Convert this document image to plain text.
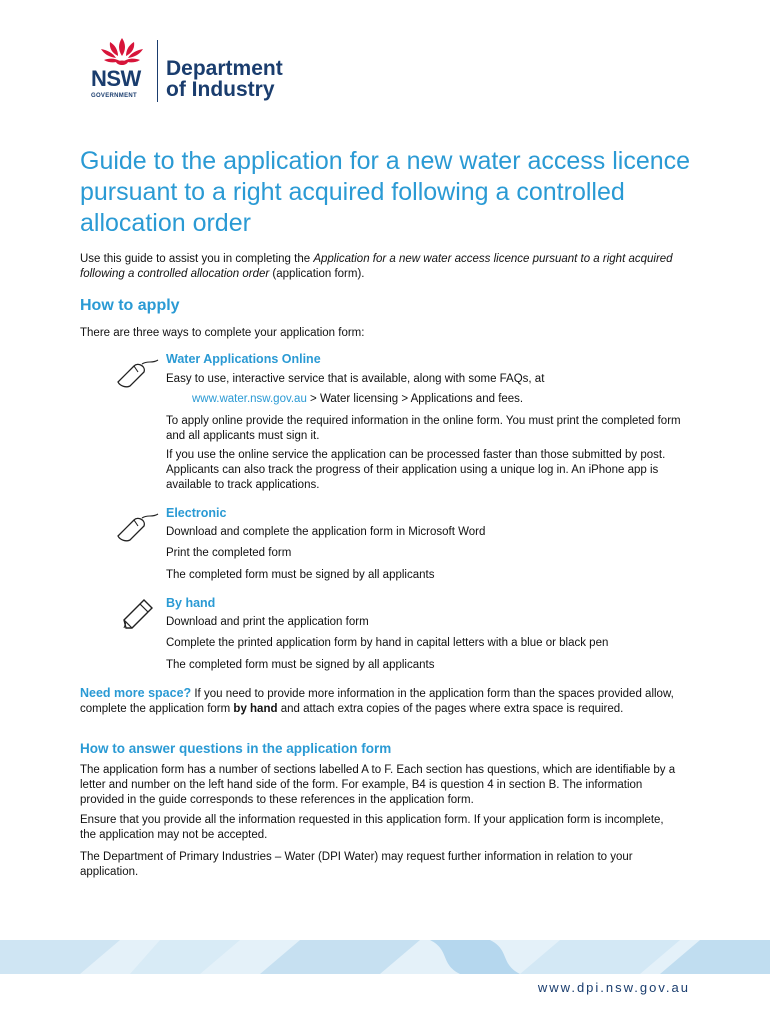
NSW
GOVERNMENT
Department
of Industry
Guide to the application for a new water access licence pursuant to a right acquired following a controlled allocation order

Use this guide to assist you in completing the Application for a new water access licence pursuant to a right acquired following a controlled allocation order (application form).

How to apply

There are three ways to complete your application form:

Water Applications Online

Easy to use, interactive service that is available, along with some FAQs, at

www.water.nsw.gov.au > Water licensing > Applications and fees.

To apply online provide the required information in the online form. You must print the completed form and all applicants must sign it.

If you use the online service the application can be processed faster than those submitted by post. Applicants can also track the progress of their application using a unique log in. An iPhone app is available to track applications.

Electronic

Download and complete the application form in Microsoft Word

Print the completed form

The completed form must be signed by all applicants

By hand

Download and print the application form

Complete the printed application form by hand in capital letters with a blue or black pen

The completed form must be signed by all applicants

Need more space? If you need to provide more information in the application form than the spaces provided allow, complete the application form by hand and attach extra copies of the pages where extra space is required.

How to answer questions in the application form

The application form has a number of sections labelled A to F. Each section has questions, which are identifiable by a letter and number on the left hand side of the form. For example, B4 is question 4 in section B. The information provided in the guide corresponds to these references in the application form.

Ensure that you provide all the information requested in this application form. If your application form is incomplete, the application may not be accepted.

The Department of Primary Industries – Water (DPI Water) may request further information in relation to your application.

www.dpi.nsw.gov.au
